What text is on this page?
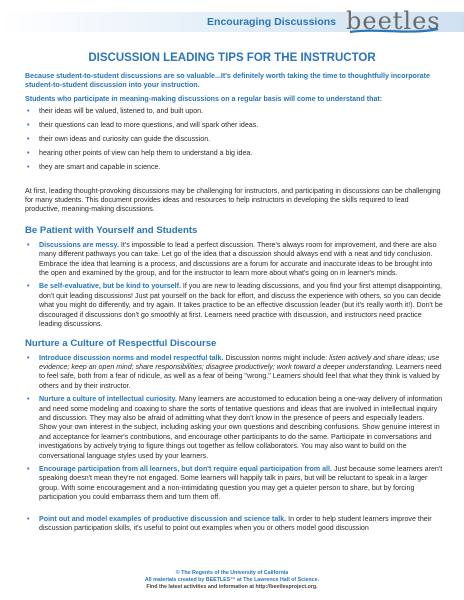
Encouraging Discussions beetles
DISCUSSION LEADING TIPS FOR THE INSTRUCTOR

Because student-to-student discussions are so valuable...It's definitely worth taking the time to thoughtfully incorporate student-to-student discussion into your instruction.

Students who participate in meaning-making discussions on a regular basis will come to understand that:

• their ideas will be valued, listened to, and built upon.
• their questions can lead to more questions, and will spark other ideas.
• their own ideas and curiosity can guide the discussion.
• hearing other points of view can help them to understand a big idea.
• they are smart and capable in science.

At first, leading thought-provoking discussions may be challenging for instructors, and participating in discussions can be challenging for many students. This document provides ideas and resources to help instructors in developing the skills required to lead productive, meaning-making discussions.

Be Patient with Yourself and Students
• Discussions are messy. It's impossible to lead a perfect discussion. There's always room for improvement, and there are also many different pathways you can take. Let go of the idea that a discussion should always end with a neat and tidy conclusion. Embrace the idea that learning is a process, and discussions are a forum for accurate and inaccurate ideas to be brought into the open and examined by the group, and for the instructor to learn more about what's going on in learner's minds.
• Be self-evaluative, but be kind to yourself. If you are new to leading discussions, and you find your first attempt disappointing, don't quit leading discussions! Just pat yourself on the back for effort, and discuss the experience with others, so you can decide what you might do differently, and try again. It takes practice to be an effective discussion leader (but it's really worth it!). Don't be discouraged if discussions don't go smoothly at first. Learners need practice with discussion, and instructors need practice leading discussions.
Nurture a Culture of Respectful Discourse
• Introduce discussion norms and model respectful talk. Discussion norms might include: listen actively and share ideas; use evidence; keep an open mind; share responsibilities; disagree productively; work toward a deeper understanding. Learners need to feel safe, both from a fear of ridicule, as well as a fear of being "wrong." Learners should feel that what they think is valued by others and by their instructor.
• Nurture a culture of intellectual curiosity. Many learners are accustomed to education being a one-way delivery of information and need some modeling and coaxing to share the sorts of tentative questions and ideas that are involved in intellectual inquiry and discussion. They may also be afraid of admitting what they don't know in the presence of peers and especially leaders. Show your own interest in the subject, including asking your own questions and describing confusions. Show genuine interest in and acceptance for learner's contributions, and encourage other participants to do the same. Participate in conversations and investigations by actively trying to figure things out together as fellow collaborators. You may also want to build on the conversational language styles used by your learners.
• Encourage participation from all learners, but don't require equal participation from all. Just because some learners aren't speaking doesn't mean they're not engaged. Some learners will happily talk in pairs, but will be reluctant to speak in a larger group. With some encouragement and a non-intimidating question you may get a quieter person to share, but by forcing participation you could embarrass them and turn them off.
• Point out and model examples of productive discussion and science talk. In order to help student learners improve their discussion participation skills, it's useful to point out examples when you or others model good discussion
© The Regents of the University of California
All materials created by BEETLES™ at The Lawrence Hall of Science.
Find the latest activities and information at http://beetlesproject.org.
